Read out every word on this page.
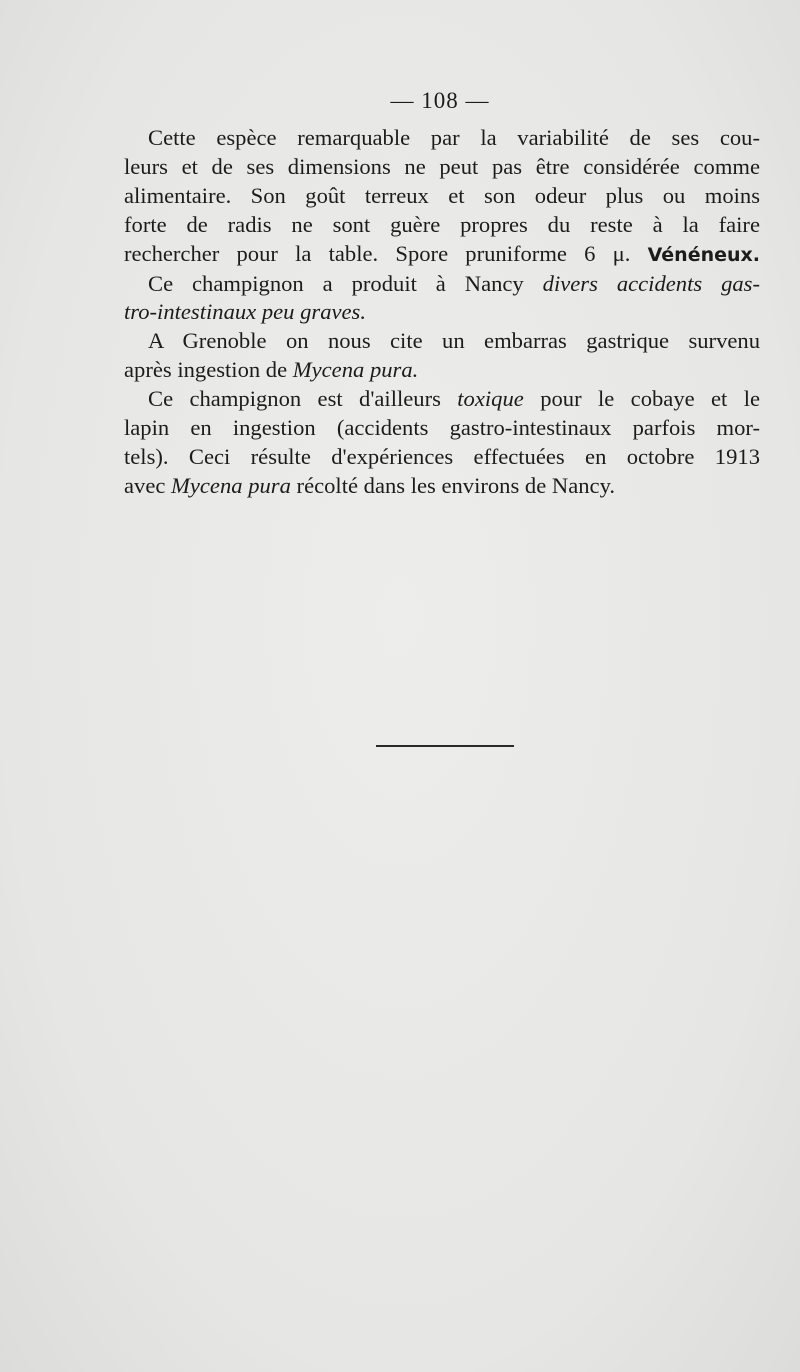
— 108 —
Cette espèce remarquable par la variabilité de ses cou-
leurs et de ses dimensions ne peut pas être considérée comme
alimentaire. Son goût terreux et son odeur plus ou moins
forte de radis ne sont guère propres du reste à la faire
rechercher pour la table. Spore pruniforme 6 μ. Vénéneux.
Ce champignon a produit à Nancy divers accidents gas-
tro-intestinaux peu graves.
A Grenoble on nous cite un embarras gastrique survenu
après ingestion de Mycena pura.
Ce champignon est d'ailleurs toxique pour le cobaye et le
lapin en ingestion (accidents gastro-intestinaux parfois mor-
tels). Ceci résulte d'expériences effectuées en octobre 1913
avec Mycena pura récolté dans les environs de Nancy.
